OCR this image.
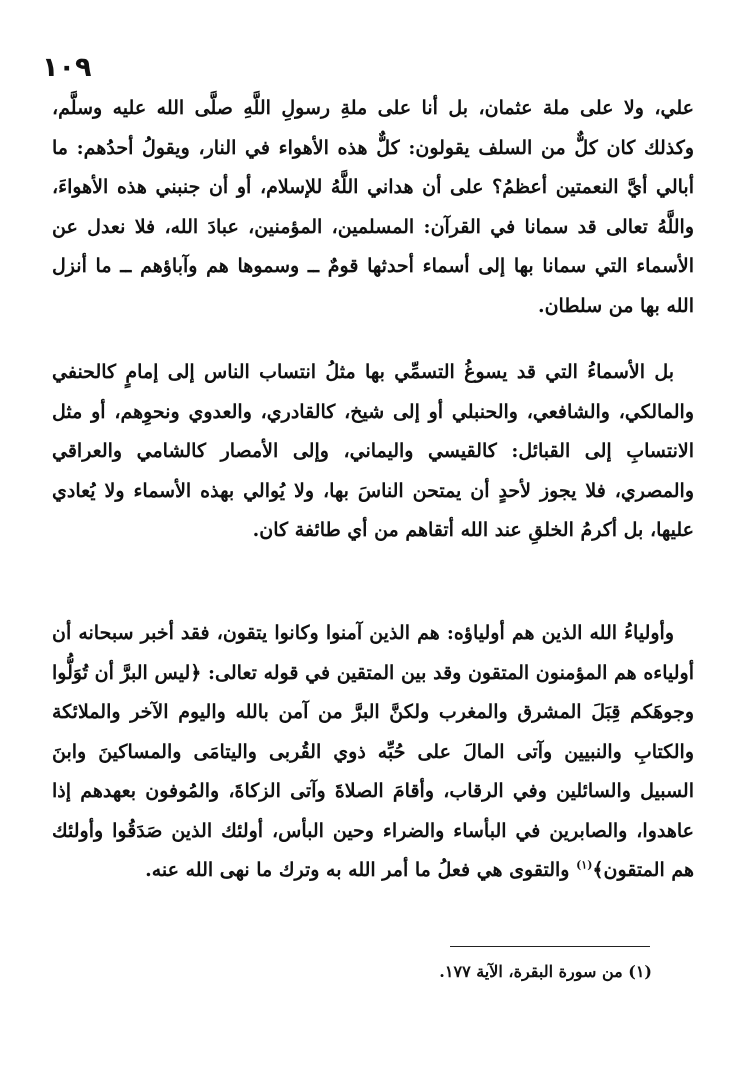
١٠٩

علي، ولا على ملة عثمان، بل أنا على ملةِ رسولِ اللَّهِ صلَّى الله عليه وسلَّم، وكذلك كان كلٌّ من السلف يقولون: كلٌّ هذه الأهواء في النار، ويقولُ أحدُهم: ما أبالي أيَّ النعمتين أعظمُ؟ على أن هداني اللَّهُ للإسلام، أو أن جنبني هذه الأهواءَ، واللَّهُ تعالى قد سمانا في القرآن: المسلمين، المؤمنين، عبادَ الله، فلا نعدل عن الأسماء التي سمانا بها إلى أسماء أحدثها قومٌ ــ وسموها هم وآباؤهم ــ ما أنزل الله بها من سلطان.

بل الأسماءُ التي قد يسوغُ التسمِّي بها مثلُ انتساب الناس إلى إمامٍ كالحنفي والمالكي، والشافعي، والحنبلي أو إلى شيخ، كالقادري، والعدوي ونحوِهم، أو مثل الانتسابِ إلى القبائل: كالقيسي واليماني، وإلى الأمصار كالشامي والعراقي والمصري، فلا يجوز لأحدٍ أن يمتحن الناسَ بها، ولا يُوالي بهذه الأسماء ولا يُعادي عليها، بل أكرمُ الخلقِ عند الله أتقاهم من أي طائفة كان.

وأولياءُ الله الذين هم أولياؤه: هم الذين آمنوا وكانوا يتقون، فقد أخبر سبحانه أن أولياءه هم المؤمنون المتقون وقد بين المتقين في قوله تعالى: ﴿ليس البرَّ أن تُوَلُّوا وجوهَكم قِبَلَ المشرق والمغرب ولكنَّ البرَّ من آمن بالله واليوم الآخر والملائكة والكتابِ والنبيين وآتى المالَ على حُبِّه ذوي القُربى واليتامَى والمساكينَ وابنَ السبيل والسائلين وفي الرقاب، وأقامَ الصلاةَ وآتى الزكاةَ، والمُوفون بعهدهم إذا عاهدوا، والصابرين في البأساء والضراء وحين البأس، أولئك الذين صَدَقُوا وأولئك هم المتقون﴾$^{(١)}$ والتقوى هي فعلُ ما أمر الله به وترك ما نهى الله عنه.

(١) من سورة البقرة، الآية ١٧٧.
